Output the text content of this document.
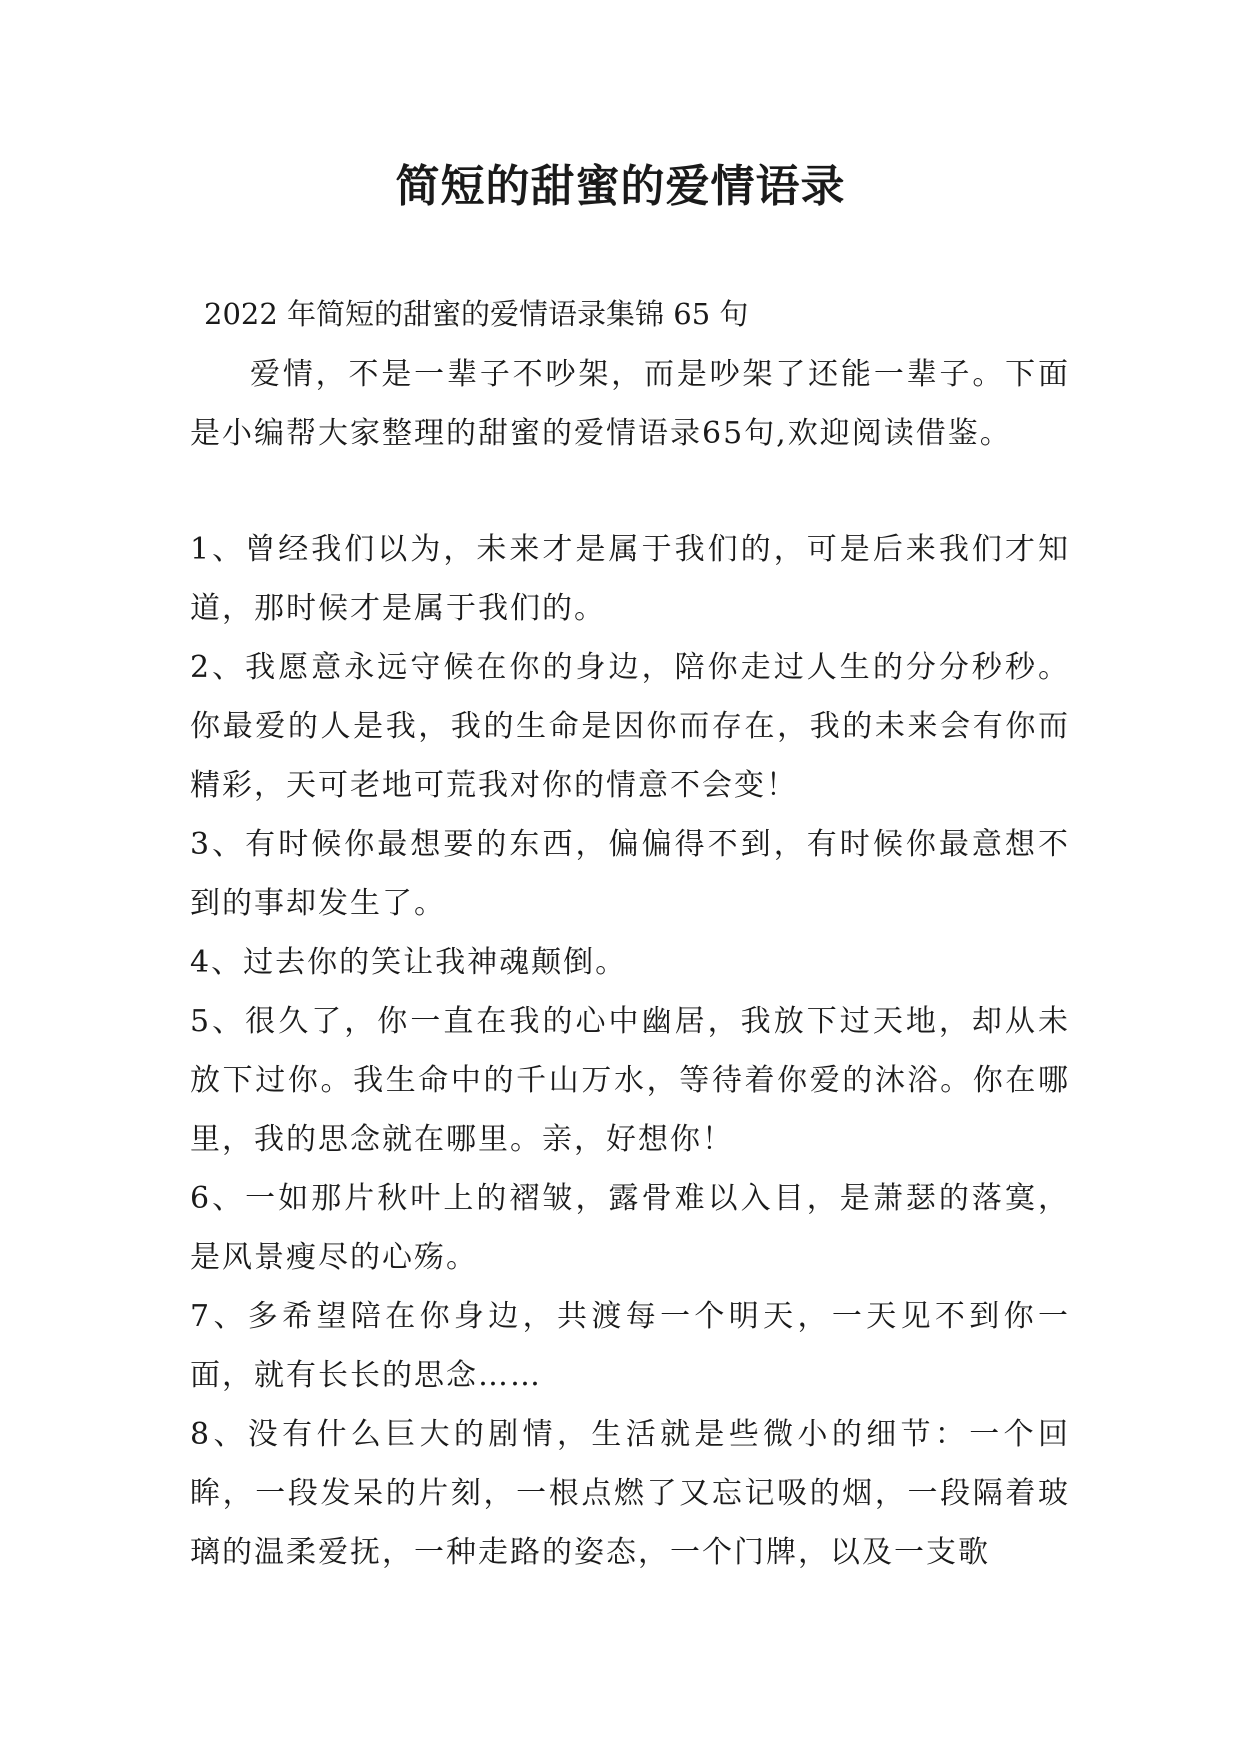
简短的甜蜜的爱情语录

2022 年简短的甜蜜的爱情语录集锦 65 句

爱情，不是一辈子不吵架，而是吵架了还能一辈子。下面是小编帮大家整理的甜蜜的爱情语录65句,欢迎阅读借鉴。

1、曾经我们以为，未来才是属于我们的，可是后来我们才知道，那时候才是属于我们的。

2、我愿意永远守候在你的身边，陪你走过人生的分分秒秒。你最爱的人是我，我的生命是因你而存在，我的未来会有你而精彩，天可老地可荒我对你的情意不会变！

3、有时候你最想要的东西，偏偏得不到，有时候你最意想不到的事却发生了。

4、过去你的笑让我神魂颠倒。

5、很久了，你一直在我的心中幽居，我放下过天地，却从未放下过你。我生命中的千山万水，等待着你爱的沐浴。你在哪里，我的思念就在哪里。亲，好想你！

6、一如那片秋叶上的褶皱，露骨难以入目，是萧瑟的落寞，是风景瘦尽的心殇。

7、多希望陪在你身边，共渡每一个明天，一天见不到你一面，就有长长的思念……

8、没有什么巨大的剧情，生活就是些微小的细节：一个回眸，一段发呆的片刻，一根点燃了又忘记吸的烟，一段隔着玻璃的温柔爱抚，一种走路的姿态，一个门牌，以及一支歌
